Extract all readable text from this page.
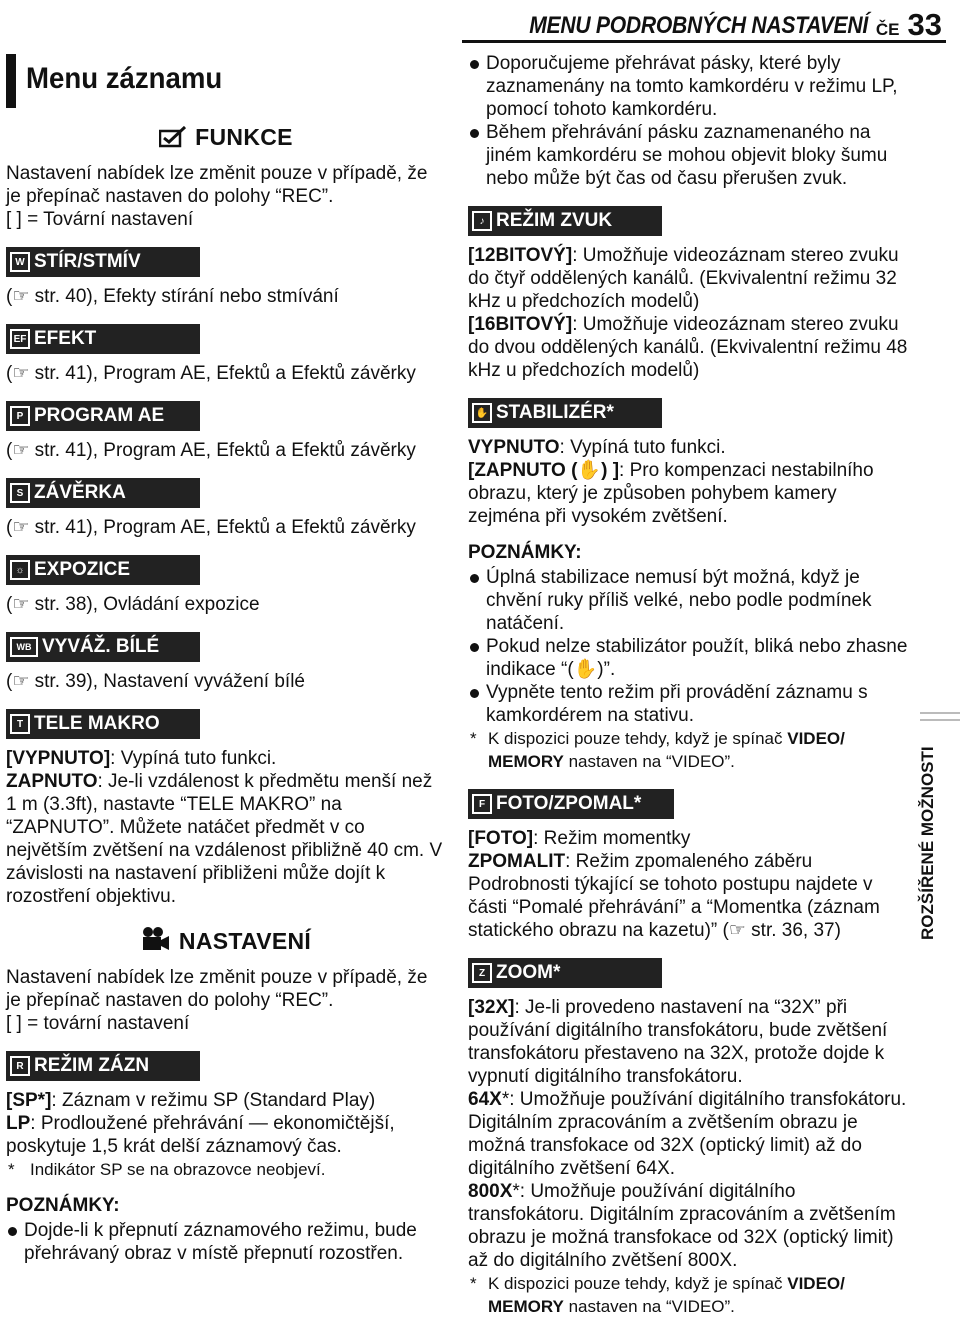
MENU PODROBNÝCH NASTAVENÍ ČE 33
Menu záznamu
FUNKCE

Nastavení nabídek lze změnit pouze v případě, že je přepínač nastaven do polohy “REC”.

[ ] = Tovární nastavení

W STÍR/STMÍV

(☞ str. 40), Efekty stírání nebo stmívání

EF EFEKT

(☞ str. 41), Program AE, Efektů a Efektů závěrky

P PROGRAM AE

(☞ str. 41), Program AE, Efektů a Efektů závěrky

S ZÁVĚRKA

(☞ str. 41), Program AE, Efektů a Efektů závěrky

☼ EXPOZICE

(☞ str. 38), Ovládání expozice

WB VYVÁŽ. BÍLÉ

(☞ str. 39), Nastavení vyvážení bílé

T TELE MAKRO

[VYPNUTO]: Vypíná tuto funkci.

ZAPNUTO: Je-li vzdálenost k předmětu menší než 1 m (3.3ft), nastavte “TELE MAKRO” na “ZAPNUTO”. Můžete natáčet předmět v co největším zvětšení na vzdálenost přibližně 40 cm. V závislosti na nastavení přibliženi může dojít k rozostření objektivu.

NASTAVENÍ

Nastavení nabídek lze změnit pouze v případě, že je přepínač nastaven do polohy “REC”.

[ ] = tovární nastavení

R REŽIM ZÁZN

[SP*]: Záznam v režimu SP (Standard Play)

LP: Prodloužené přehrávání — ekonomičtější, poskytuje 1,5 krát delší záznamový čas.

* Indikátor SP se na obrazovce neobjeví.

POZNÁMKY:

Dojde-li k přepnutí záznamového režimu, bude přehrávaný obraz v místě přepnutí rozostřen.

Doporučujeme přehrávat pásky, které byly zaznamenány na tomto kamkordéru v režimu LP, pomocí tohoto kamkordéru.

Během přehrávání pásku zaznamenaného na jiném kamkordéru se mohou objevit bloky šumu nebo může být čas od času přerušen zvuk.

♪ REŽIM ZVUK

[12BITOVÝ]: Umožňuje videozáznam stereo zvuku do čtyř oddělených kanálů. (Ekvivalentní režimu 32 kHz u předchozích modelů)

[16BITOVÝ]: Umožňuje videozáznam stereo zvuku do dvou oddělených kanálů. (Ekvivalentní režimu 48 kHz u předchozích modelů)

✋ STABILIZÉR*

VYPNUTO: Vypíná tuto funkci.

[ZAPNUTO (✋) ]: Pro kompenzaci nestabilního obrazu, který je způsoben pohybem kamery zejména při vysokém zvětšení.

POZNÁMKY:

Úplná stabilizace nemusí být možná, když je chvění ruky příliš velké, nebo podle podmínek natáčení.

Pokud nelze stabilizátor použít, bliká nebo zhasne indikace “(✋)”.

Vypněte tento režim při provádění záznamu s kamkordérem na stativu.

* K dispozici pouze tehdy, když je spínač VIDEO/ MEMORY nastaven na “VIDEO”.

F FOTO/ZPOMAL*

[FOTO]: Režim momentky

ZPOMALIT: Režim zpomaleného záběru

Podrobnosti týkající se tohoto postupu najdete v části “Pomalé přehrávání” a “Momentka (záznam statického obrazu na kazetu)” (☞ str. 36, 37)

Z ZOOM*

[32X]: Je-li provedeno nastavení na “32X” při používání digitálního transfokátoru, bude zvětšení transfokátoru přestaveno na 32X, protože dojde k vypnutí digitálního transfokátoru.

64X*: Umožňuje používání digitálního transfokátoru. Digitálním zpracováním a zvětšením obrazu je možná transfokace od 32X (optický limit) až do digitálního zvětšení 64X.

800X*: Umožňuje používání digitálního transfokátoru. Digitálním zpracováním a zvětšením obrazu je možná transfokace od 32X (optický limit) až do digitálního zvětšení 800X.

* K dispozici pouze tehdy, když je spínač VIDEO/ MEMORY nastaven na “VIDEO”.

ROZŠÍŘENÉ MOŽNOSTI
